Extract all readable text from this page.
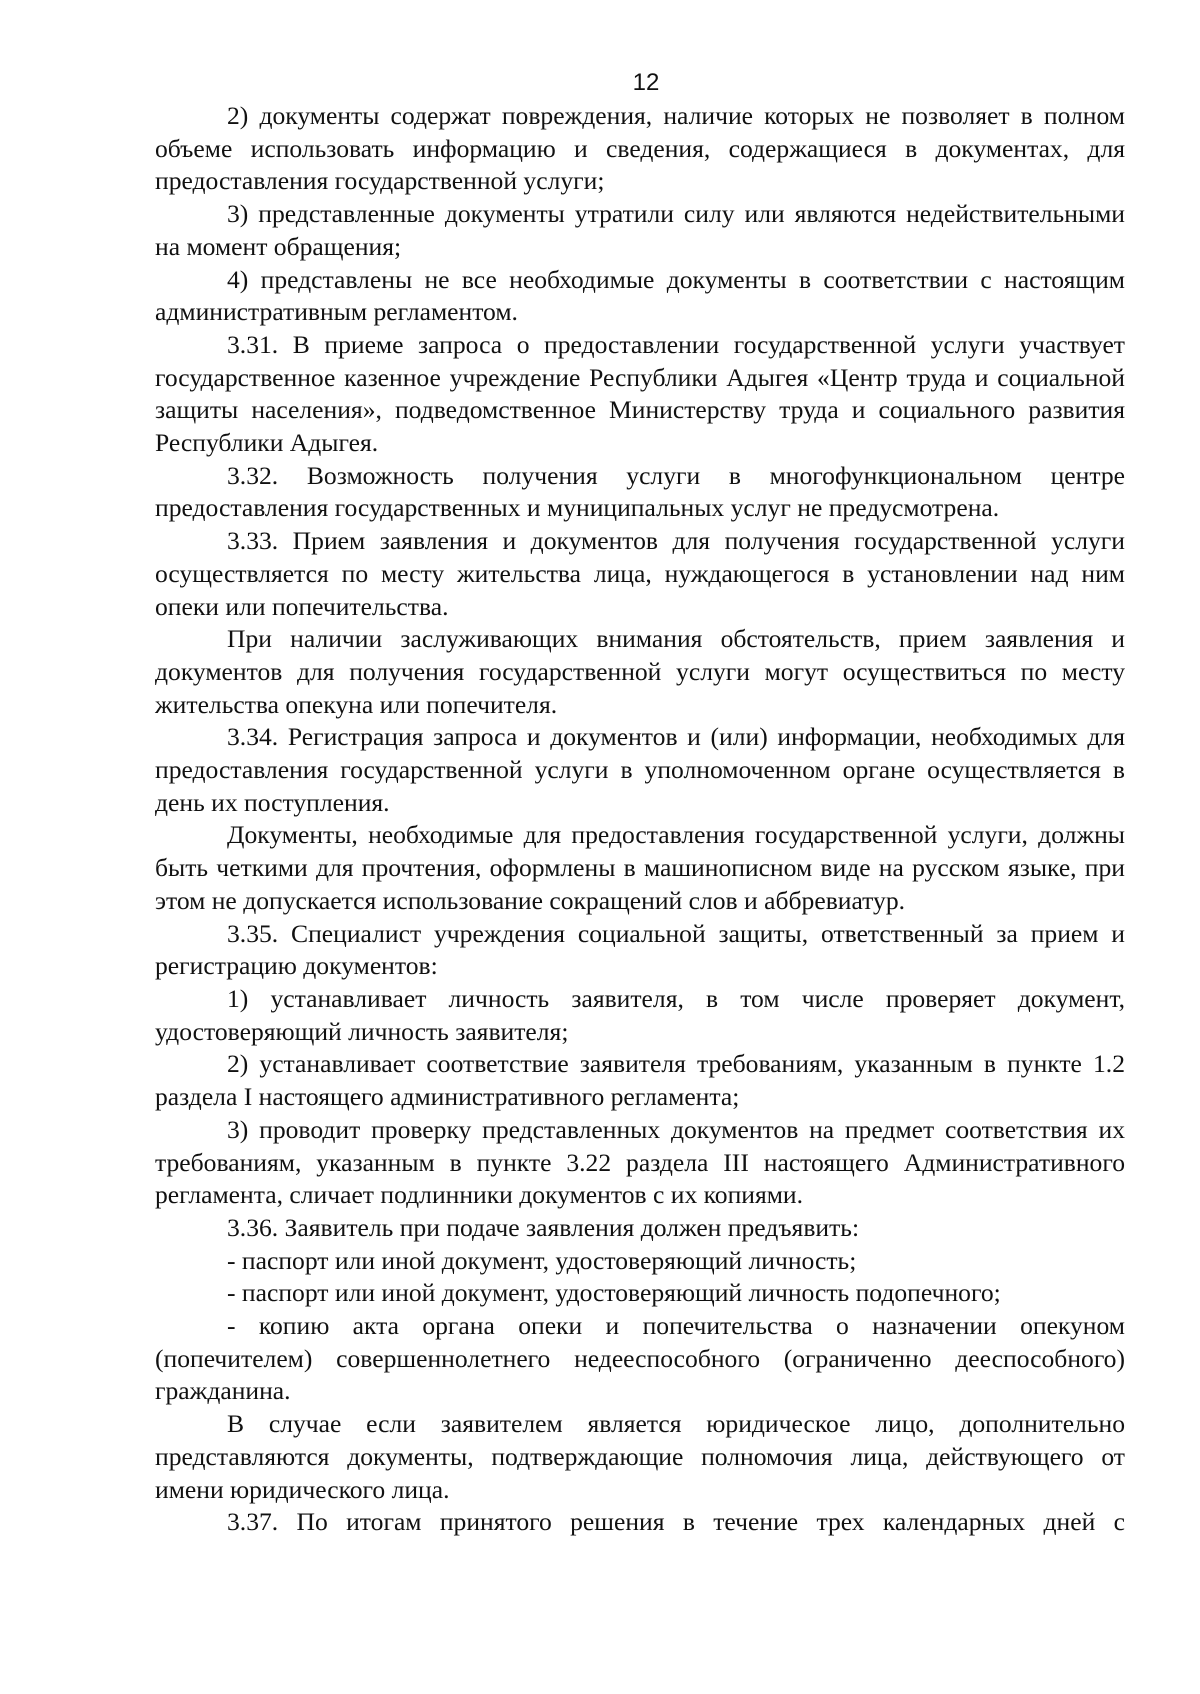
12

2) документы содержат повреждения, наличие которых не позволяет в полном объеме использовать информацию и сведения, содержащиеся в документах, для предоставления государственной услуги;

3) представленные документы утратили силу или являются недействительными на момент обращения;

4) представлены не все необходимые документы в соответствии с настоящим административным регламентом.

3.31. В приеме запроса о предоставлении государственной услуги участвует государственное казенное учреждение Республики Адыгея «Центр труда и социальной защиты населения», подведомственное Министерству труда и социального развития Республики Адыгея.

3.32. Возможность получения услуги в многофункциональном центре предоставления государственных и муниципальных услуг не предусмотрена.

3.33. Прием заявления и документов для получения государственной услуги осуществляется по месту жительства лица, нуждающегося в установлении над ним опеки или попечительства.

При наличии заслуживающих внимания обстоятельств, прием заявления и документов для получения государственной услуги могут осуществиться по месту жительства опекуна или попечителя.

3.34. Регистрация запроса и документов и (или) информации, необходимых для предоставления государственной услуги в уполномоченном органе осуществляется в день их поступления.

Документы, необходимые для предоставления государственной услуги, должны быть четкими для прочтения, оформлены в машинописном виде на русском языке, при этом не допускается использование сокращений слов и аббревиатур.

3.35. Специалист учреждения социальной защиты, ответственный за прием и регистрацию документов:

1) устанавливает личность заявителя, в том числе проверяет документ, удостоверяющий личность заявителя;

2) устанавливает соответствие заявителя требованиям, указанным в пункте 1.2 раздела I настоящего административного регламента;

3) проводит проверку представленных документов на предмет соответствия их требованиям, указанным в пункте 3.22 раздела III настоящего Административного регламента, сличает подлинники документов с их копиями.

3.36. Заявитель при подаче заявления должен предъявить:

- паспорт или иной документ, удостоверяющий личность;

- паспорт или иной документ, удостоверяющий личность подопечного;

- копию акта органа опеки и попечительства о назначении опекуном (попечителем) совершеннолетнего недееспособного (ограниченно дееспособного) гражданина.

В случае если заявителем является юридическое лицо, дополнительно представляются документы, подтверждающие полномочия лица, действующего от имени юридического лица.

3.37. По итогам принятого решения в течение трех календарных дней с
